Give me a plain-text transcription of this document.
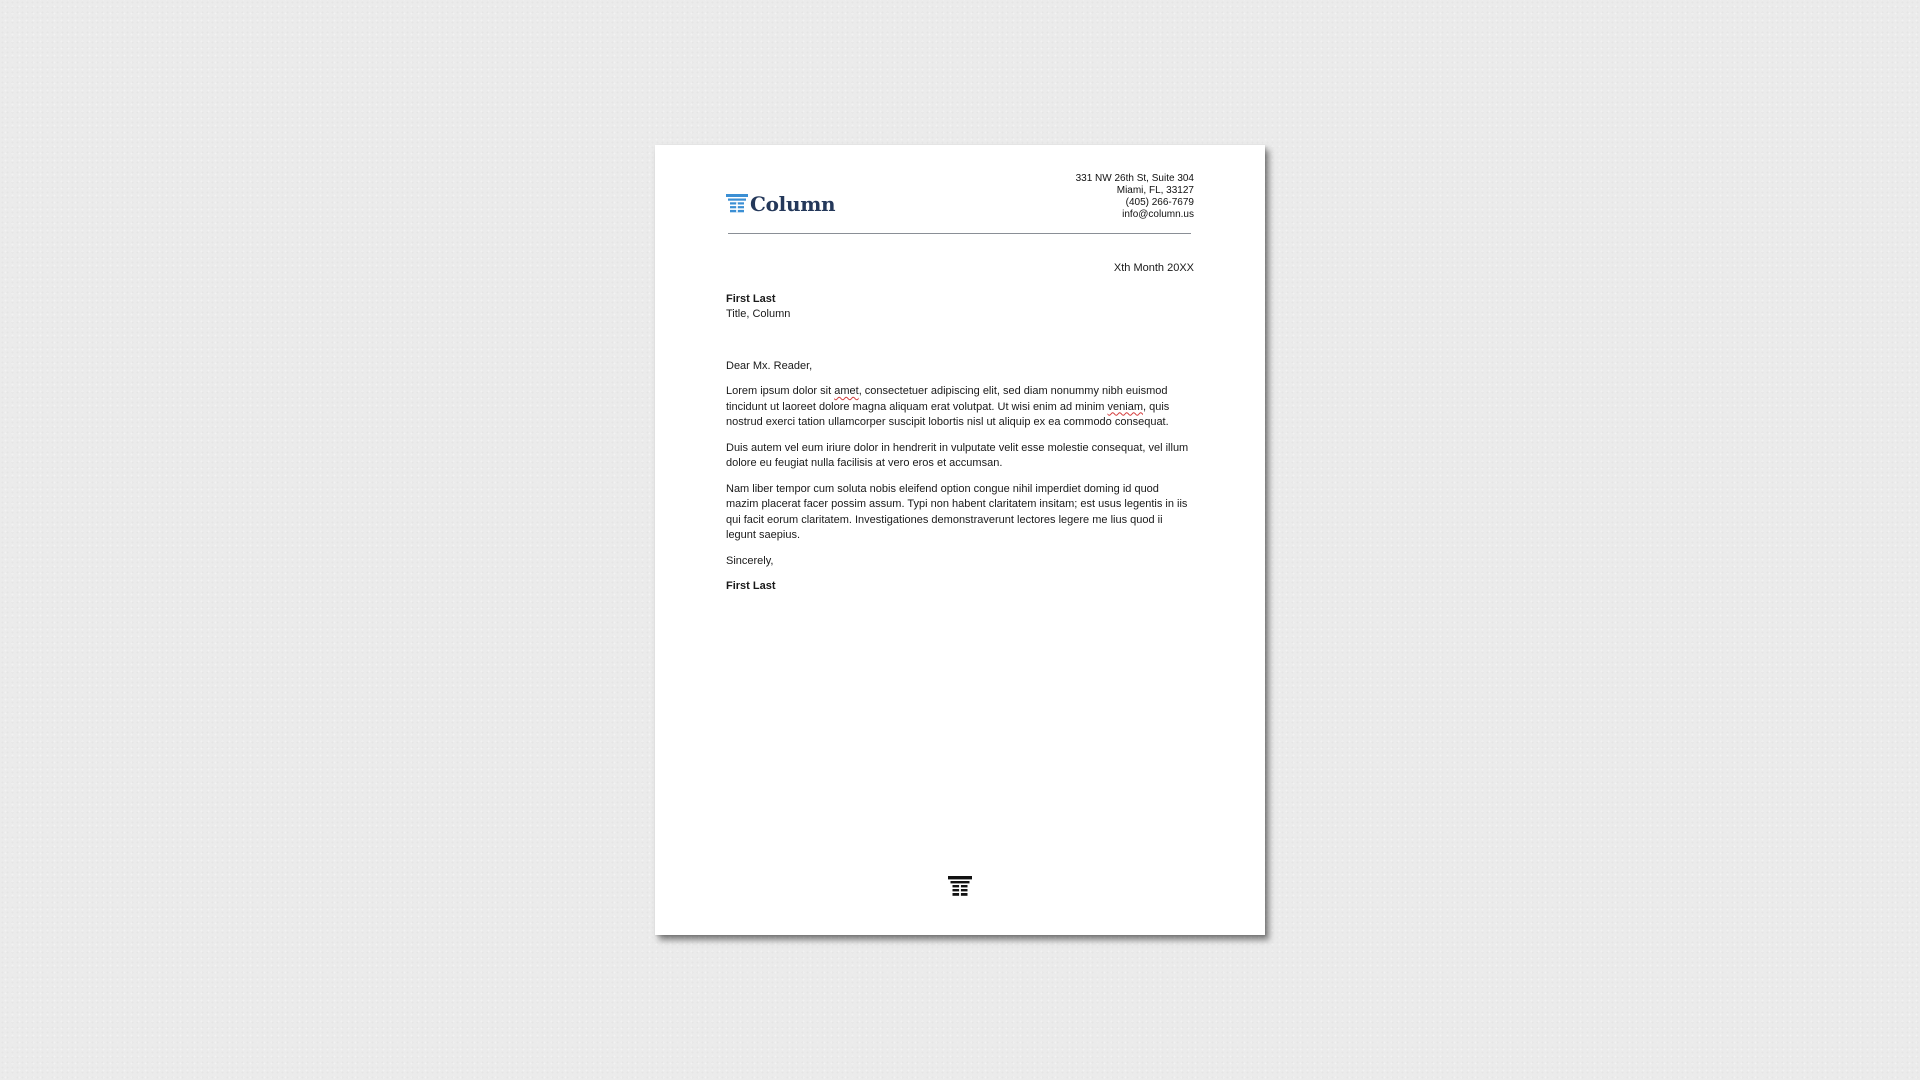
Column
331 NW 26th St, Suite 304
Miami, FL, 33127
(405) 266-7679
info@column.us
Xth Month 20XX
First Last
Title, Column
Dear Mx. Reader,

Lorem ipsum dolor sit amet, consectetuer adipiscing elit, sed diam nonummy nibh euismod tincidunt ut laoreet dolore magna aliquam erat volutpat. Ut wisi enim ad minim veniam, quis nostrud exerci tation ullamcorper suscipit lobortis nisl ut aliquip ex ea commodo consequat.

Duis autem vel eum iriure dolor in hendrerit in vulputate velit esse molestie consequat, vel illum dolore eu feugiat nulla facilisis at vero eros et accumsan.

Nam liber tempor cum soluta nobis eleifend option congue nihil imperdiet doming id quod mazim placerat facer possim assum. Typi non habent claritatem insitam; est usus legentis in iis qui facit eorum claritatem. Investigationes demonstraverunt lectores legere me lius quod ii legunt saepius.

Sincerely,
First Last
